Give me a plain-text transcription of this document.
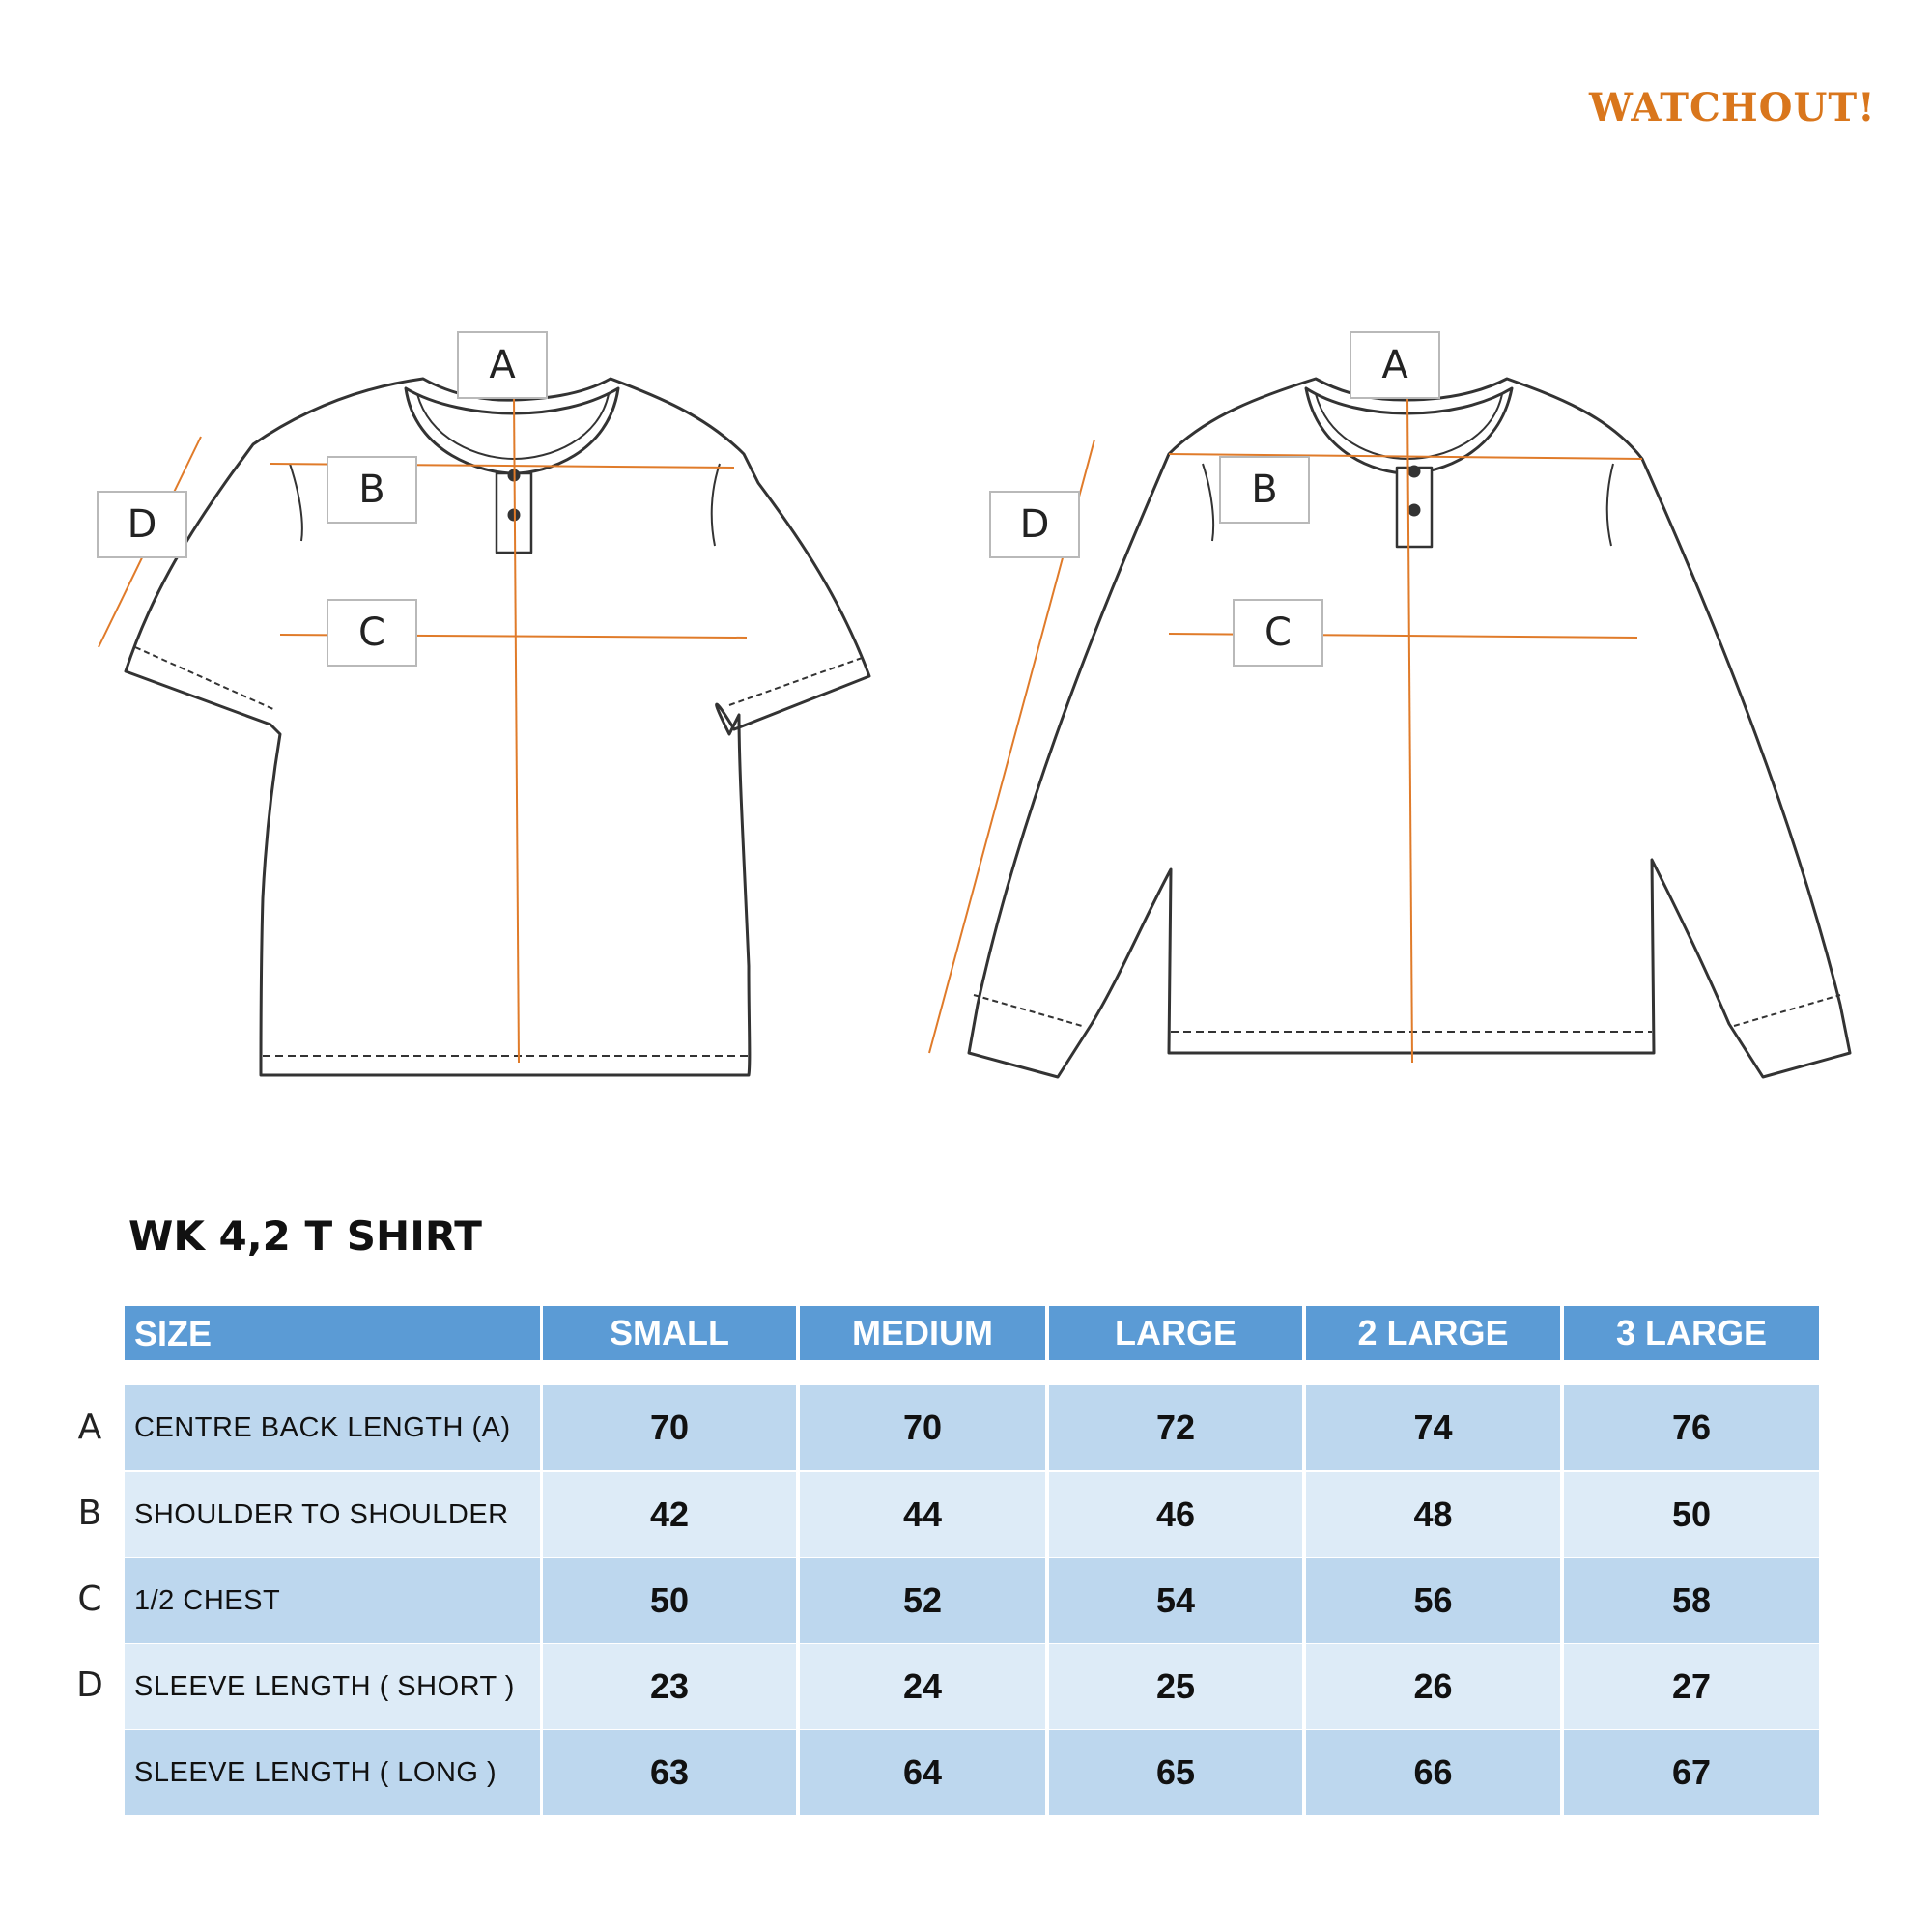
WATCHOUT!
A
B
C
D
A
B
C
D
WK 4,2 T SHIRT
SIZE	SMALL	MEDIUM	LARGE	2 LARGE	3 LARGE
A	CENTRE BACK LENGTH (A)	70	70	72	74	76
B	SHOULDER TO SHOULDER	42	44	46	48	50
C	1/2 CHEST	50	52	54	56	58
D	SLEEVE LENGTH ( SHORT )	23	24	25	26	27
SLEEVE LENGTH ( LONG )	63	64	65	66	67
